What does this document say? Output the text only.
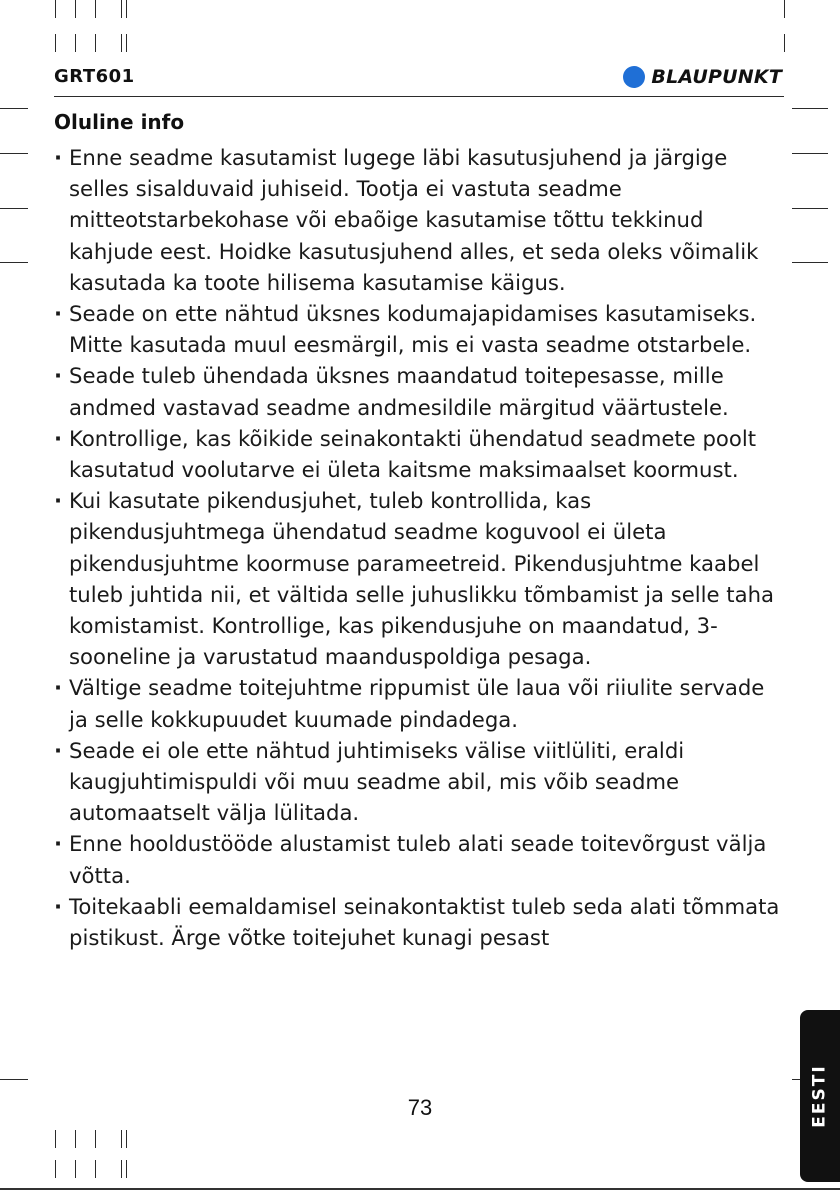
GRT601	BLAUPUNKT
Oluline info

· Enne seadme kasutamist lugege läbi kasutusjuhend ja järgige selles sisalduvaid juhiseid. Tootja ei vastuta seadme mitteotstarbekohase või ebaõige kasutamise tõttu tekkinud kahjude eest. Hoidke kasutusjuhend alles, et seda oleks võimalik kasutada ka toote hilisema kasutamise käigus.

· Seade on ette nähtud üksnes kodumajapidamises kasutamiseks. Mitte kasutada muul eesmärgil, mis ei vasta seadme otstarbele.

· Seade tuleb ühendada üksnes maandatud toitepesasse, mille andmed vastavad seadme andmesildile märgitud väärtustele.

· Kontrollige, kas kõikide seinakontakti ühendatud seadmete poolt kasutatud voolutarve ei ületa kaitsme maksimaalset koormust.

· Kui kasutate pikendusjuhet, tuleb kontrollida, kas pikendusjuhtmega ühendatud seadme koguvool ei ületa pikendusjuhtme koormuse parameetreid. Pikendusjuhtme kaabel tuleb juhtida nii, et vältida selle juhuslikku tõmbamist ja selle taha komistamist. Kontrollige, kas pikendusjuhe on maandatud, 3-sooneline ja varustatud maanduspoldiga pesaga.

· Vältige seadme toitejuhtme rippumist üle laua või riiulite servade ja selle kokkupuudet kuumade pindadega.

· Seade ei ole ette nähtud juhtimiseks välise viitlüliti, eraldi kaugjuhtimispuldi või muu seadme abil, mis võib seadme automaatselt välja lülitada.

· Enne hooldustööde alustamist tuleb alati seade toitevõrgust välja võtta.

· Toitekaabli eemaldamisel seinakontaktist tuleb seda alati tõmmata pistikust. Ärge võtke toitejuhet kunagi pesast

73	EESTI
